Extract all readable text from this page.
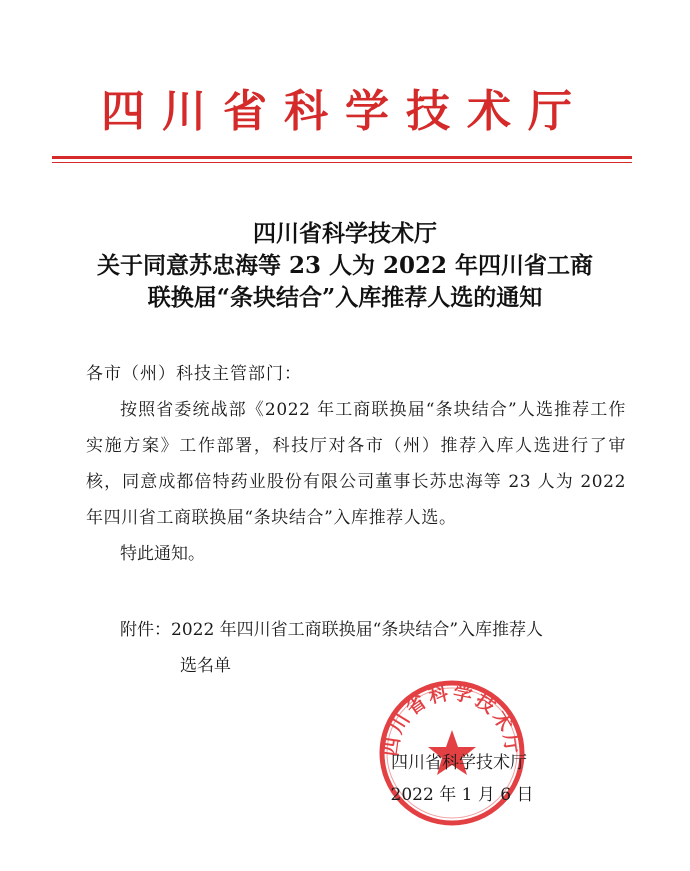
四川省科学技术厅
四川省科学技术厅
关于同意苏忠海等 23 人为 2022 年四川省工商
联换届“条块结合”入库推荐人选的通知
各市（州）科技主管部门：
按照省委统战部《2022 年工商联换届“条块结合”人选推荐工作实施方案》工作部署，科技厅对各市（州）推荐入库人选进行了审核，同意成都倍特药业股份有限公司董事长苏忠海等 23 人为 2022 年四川省工商联换届“条块结合”入库推荐人选。
特此通知。
附件：2022 年四川省工商联换届“条块结合”入库推荐人
选名单
四川省科学技术厅
四川省科学技术厅
2022 年 1 月 6 日
